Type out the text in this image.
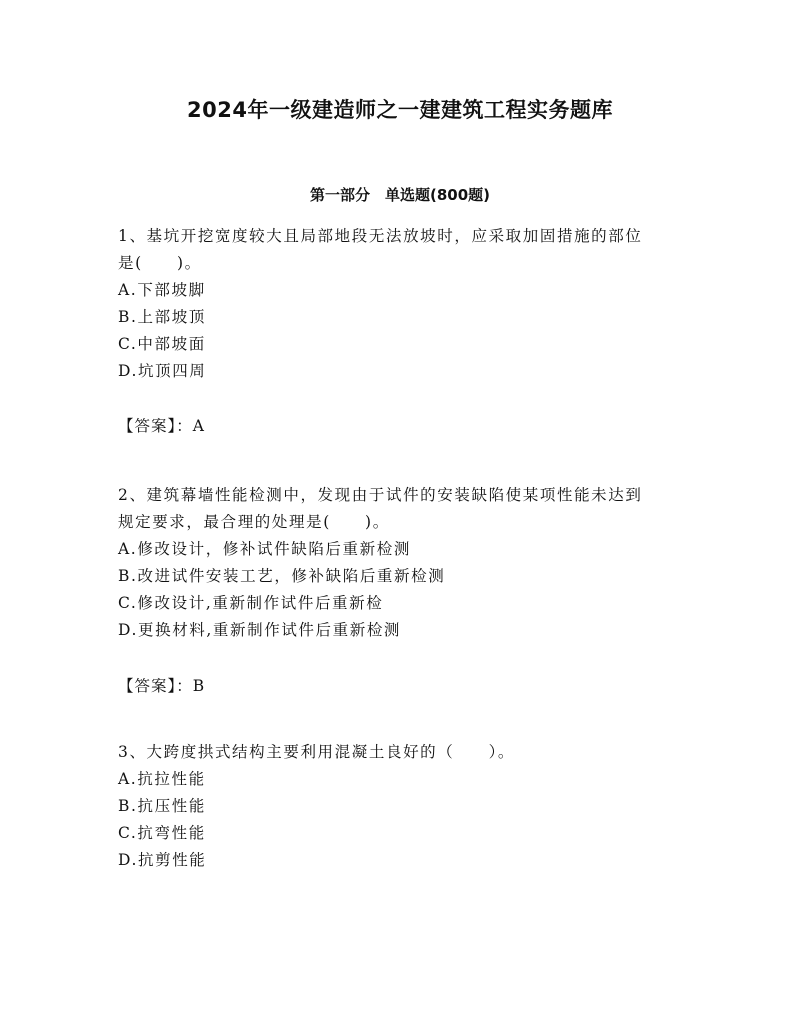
2024年一级建造师之一建建筑工程实务题库
第一部分　单选题(800题)
1、基坑开挖宽度较大且局部地段无法放坡时，应采取加固措施的部位
是(　　)。
A.下部坡脚
B.上部坡顶
C.中部坡面
D.坑顶四周
【答案】：A
2、建筑幕墙性能检测中，发现由于试件的安装缺陷使某项性能未达到
规定要求，最合理的处理是(　　)。
A.修改设计，修补试件缺陷后重新检测
B.改进试件安装工艺，修补缺陷后重新检测
C.修改设计,重新制作试件后重新检
D.更换材料,重新制作试件后重新检测
【答案】：B
3、大跨度拱式结构主要利用混凝土良好的（　　）。
A.抗拉性能
B.抗压性能
C.抗弯性能
D.抗剪性能
